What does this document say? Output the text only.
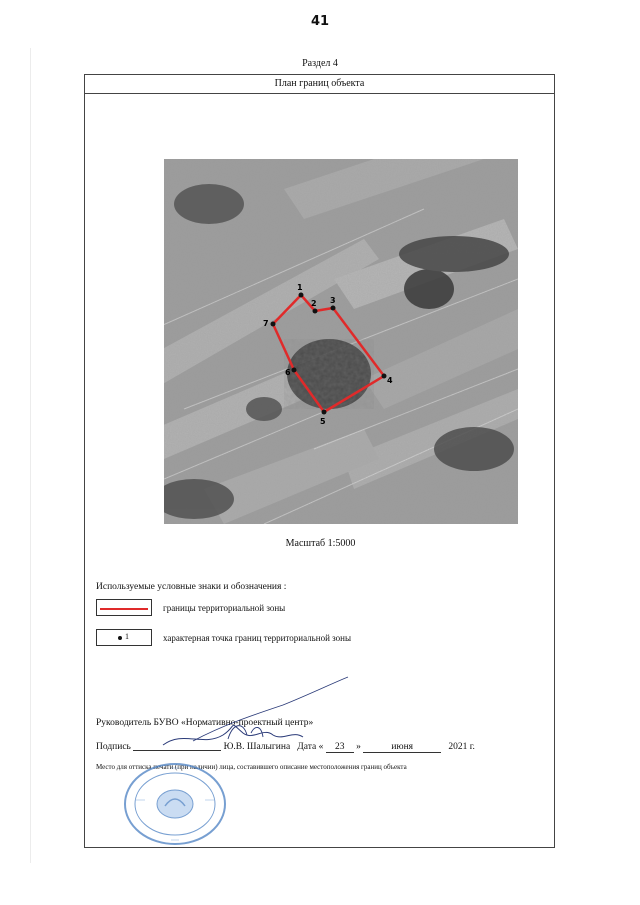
41
Раздел 4
План границ объекта
1
2 3
4
5
6
7
Масштаб 1:5000
Используемые условные знаки и обозначения :
границы территориальной зоны
1	характерная точка границ территориальной зоны
Руководитель БУВО «Нормативно-проектный центр»
Подпись	Ю.В. Шалыгина Дата « 23 »	июня	2021 г.
Место для оттиска печати (при наличии) лица, составившего описание местоположения границ объекта
